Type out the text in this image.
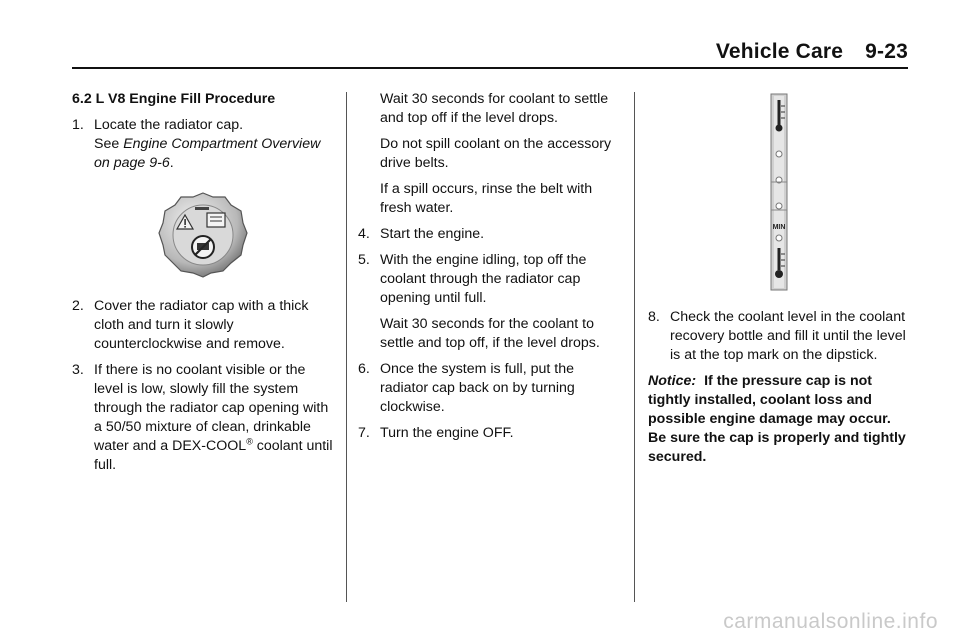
Vehicle Care 9-23

6.2 L V8 Engine Fill Procedure

1. Locate the radiator cap.
See Engine Compartment Overview on page 9-6.
2. Cover the radiator cap with a thick cloth and turn it slowly counterclockwise and remove.
3. If there is no coolant visible or the level is low, slowly fill the system through the radiator cap opening with a 50/50 mixture of clean, drinkable water and a DEX-COOL® coolant until full.

Wait 30 seconds for coolant to settle and top off if the level drops.

Do not spill coolant on the accessory drive belts.

If a spill occurs, rinse the belt with fresh water.

4. Start the engine.
5. With the engine idling, top off the coolant through the radiator cap opening until full.

Wait 30 seconds for the coolant to settle and top off, if the level drops.

6. Once the system is full, put the radiator cap back on by turning clockwise.
7. Turn the engine OFF.
MIN
8. Check the coolant level in the coolant recovery bottle and fill it until the level is at the top mark on the dipstick.

Notice: If the pressure cap is not tightly installed, coolant loss and possible engine damage may occur. Be sure the cap is properly and tightly secured.

carmanualsonline.info
